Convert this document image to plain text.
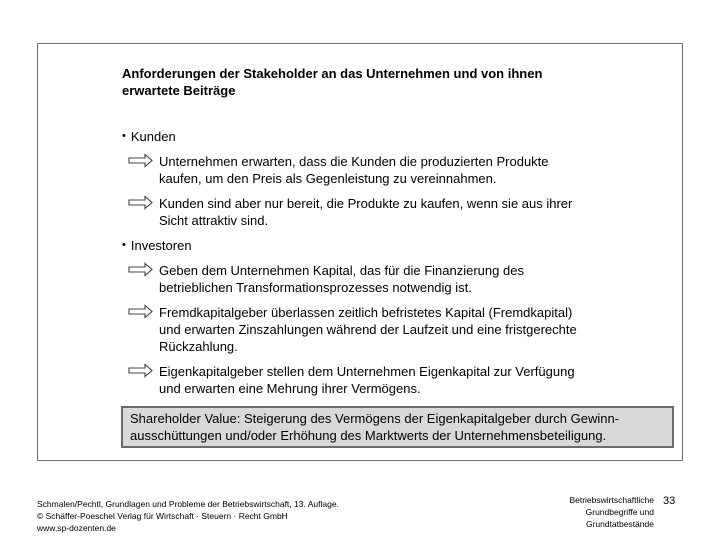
Anforderungen der Stakeholder an das Unternehmen und von ihnen
erwartete Beiträge
• Kunden
Unternehmen erwarten, dass die Kunden die produzierten Produkte
kaufen, um den Preis als Gegenleistung zu vereinnahmen.
Kunden sind aber nur bereit, die Produkte zu kaufen, wenn sie aus ihrer
Sicht attraktiv sind.
• Investoren
Geben dem Unternehmen Kapital, das für die Finanzierung des
betrieblichen Transformationsprozesses notwendig ist.
Fremdkapitalgeber überlassen zeitlich befristetes Kapital (Fremdkapital)
und erwarten Zinszahlungen während der Laufzeit und eine fristgerechte
Rückzahlung.
Eigenkapitalgeber stellen dem Unternehmen Eigenkapital zur Verfügung
und erwarten eine Mehrung ihrer Vermögens.
Shareholder Value: Steigerung des Vermögens der Eigenkapitalgeber durch Gewinn-
ausschüttungen und/oder Erhöhung des Marktwerts der Unternehmensbeteiligung.
Schmalen/Pechtl, Grundlagen und Probleme der Betriebswirtschaft, 13. Auflage.
© Schäffer-Poeschel Verlag für Wirtschaft · Steuern · Recht GmbH
www.sp-dozenten.de
Betriebswirtschaftliche
Grundbegriffe und
Grundtatbestände
33
